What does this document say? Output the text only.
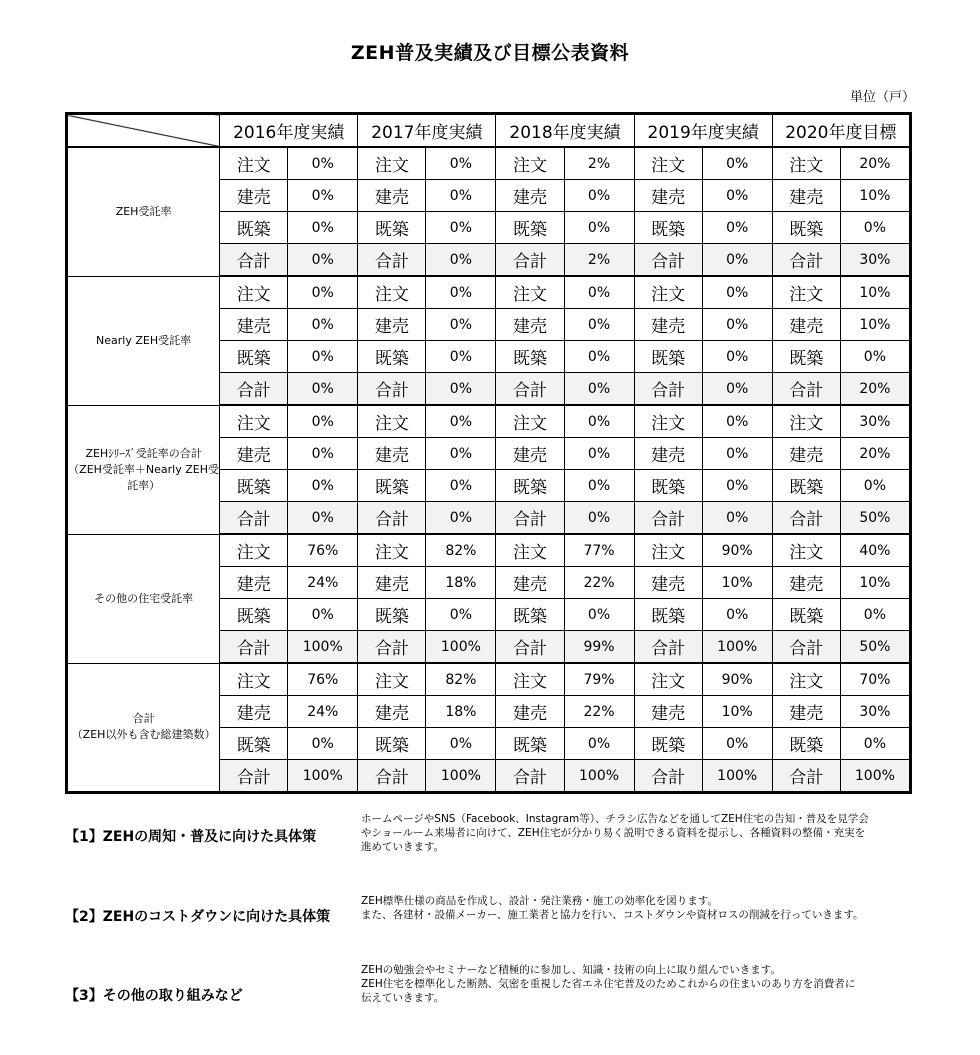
ZEH普及実績及び目標公表資料
単位（戸）
	2016年度実績		2017年度実績		2018年度実績		2019年度実績		2020年度目標	
ZEH受託率	注文	0%	注文	0%	注文	2%	注文	0%	注文	20%
	建売	0%	建売	0%	建売	0%	建売	0%	建売	10%
	既築	0%	既築	0%	既築	0%	既築	0%	既築	0%
	合計	0%	合計	0%	合計	2%	合計	0%	合計	30%
Nearly ZEH受託率	注文	0%	注文	0%	注文	0%	注文	0%	注文	10%
	建売	0%	建売	0%	建売	0%	建売	0%	建売	10%
	既築	0%	既築	0%	既築	0%	既築	0%	既築	0%
	合計	0%	合計	0%	合計	0%	合計	0%	合計	20%
ZEHｼﾘｰｽﾞ受託率の合計
（ZEH受託率＋Nearly ZEH受
託率）	注文	0%	注文	0%	注文	0%	注文	0%	注文	30%
	建売	0%	建売	0%	建売	0%	建売	0%	建売	20%
	既築	0%	既築	0%	既築	0%	既築	0%	既築	0%
	合計	0%	合計	0%	合計	0%	合計	0%	合計	50%
その他の住宅受託率	注文	76%	注文	82%	注文	77%	注文	90%	注文	40%
	建売	24%	建売	18%	建売	22%	建売	10%	建売	10%
	既築	0%	既築	0%	既築	0%	既築	0%	既築	0%
	合計	100%	合計	100%	合計	99%	合計	100%	合計	50%
合計
（ZEH以外も含む総建築数）	注文	76%	注文	82%	注文	79%	注文	90%	注文	70%
	建売	24%	建売	18%	建売	22%	建売	10%	建売	30%
	既築	0%	既築	0%	既築	0%	既築	0%	既築	0%
	合計	100%	合計	100%	合計	100%	合計	100%	合計	100%
【1】ZEHの周知・普及に向けた具体策
ホームページやSNS（Facebook、Instagram等）、チラシ広告などを通してZEH住宅の告知・普及を見学会
やショールーム来場者に向けて、ZEH住宅が分かり易く説明できる資料を提示し、各種資料の整備・充実を
進めていきます。
【2】ZEHのコストダウンに向けた具体策
ZEH標準仕様の商品を作成し、設計・発注業務・施工の効率化を図ります。
また、各建材・設備メーカー、施工業者と協力を行い、コストダウンや資材ロスの削減を行っていきます。
【3】その他の取り組みなど
ZEHの勉強会やセミナーなど積極的に参加し、知識・技術の向上に取り組んでいきます。
ZEH住宅を標準化した断熱、気密を重視した省エネ住宅普及のためこれからの住まいのあり方を消費者に
伝えていきます。
